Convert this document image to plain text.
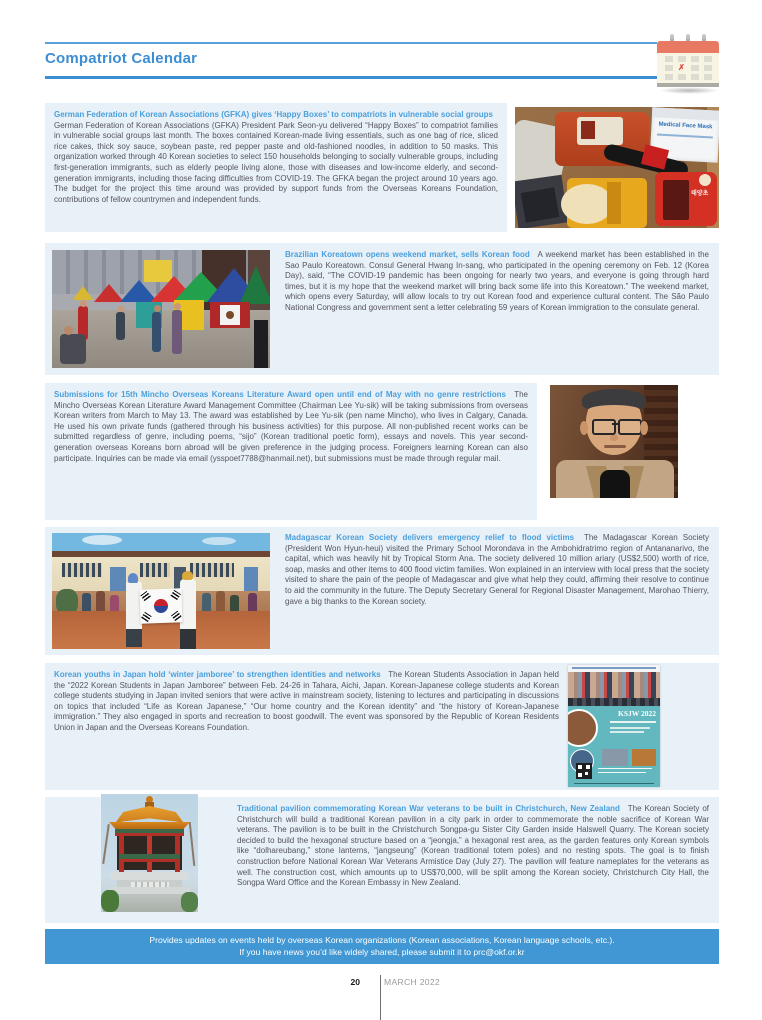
Compatriot Calendar
✗

German Federation of Korean Associations (GFKA) gives ‘Happy Boxes’ to compatriots in vulnerable social groups German Federation of Korean Associations (GFKA) President Park Seon-yu delivered “Happy Boxes” to compatriot families in vulnerable social groups last month. The boxes contained Korean-made living essentials, such as one bag of rice, sliced rice cakes, thick soy sauce, soybean paste, red pepper paste and old-fashioned noodles, in addition to 50 masks. This organization worked through 40 Korean societies to select 150 households belonging to socially vulnerable groups, including first-generation immigrants, such as elderly people living alone, those with diseases and low-income elderly, and second-generation immigrants, including those facing difficulties from COVID-19. The GFKA began the project around 10 years ago. The budget for the project this time around was provided by support funds from the Overseas Koreans Foundation, contributions of fellow countrymen and independent funds.

Medical Face Mask
태양초

Brazilian Koreatown opens weekend market, sells Korean food A weekend market has been established in the Sao Paulo Koreatown. Consul General Hwang In-sang, who participated in the opening ceremony on Feb. 12 (Korea Day), said, “The COVID-19 pandemic has been ongoing for nearly two years, and everyone is going through hard times, but it is my hope that the weekend market will bring back some life into this Koreatown.” The weekend market, which opens every Saturday, will allow locals to try out Korean food and experience cultural content. The São Paulo National Congress and government sent a letter celebrating 59 years of Korean immigration to the consulate general.

Submissions for 15th Mincho Overseas Koreans Literature Award open until end of May with no genre restrictions The Mincho Overseas Korean Literature Award Management Committee (Chairman Lee Yu-sik) will be taking submissions from overseas Korean writers from March to May 13. The award was established by Lee Yu-sik (pen name Mincho), who lives in Calgary, Canada. He used his own private funds (gathered through his business activities) for this purpose. All non-published recent works can be submitted regardless of genre, including poems, “sijo” (Korean traditional poetic form), essays and novels. This year second-generation overseas Koreans born abroad will be given preference in the judging process. Foreigners learning Korean can also participate. Inquiries can be made via email (ysspoet7788@hanmail.net), but submissions must be made through regular mail.

Madagascar Korean Society delivers emergency relief to flood victims The Madagascar Korean Society (President Won Hyun-heui) visited the Primary School Morondava in the Ambohidratrimo region of Antananarivo, the capital, which was heavily hit by Tropical Storm Ana. The society delivered 10 million ariary (US$2,500) worth of rice, soap, masks and other items to 400 flood victim families. Won explained in an interview with local press that the society visited to share the pain of the people of Madagascar and give what help they could, affirming their resolve to continue to aid the community in the future. The Deputy Secretary General for Regional Disaster Management, Marohao Thierry, gave a big thanks to the Korean society.

Korean youths in Japan hold ‘winter jamboree’ to strengthen identities and networks The Korean Students Association in Japan held the “2022 Korean Students in Japan Jamboree” between Feb. 24-26 in Tahara, Aichi, Japan. Korean-Japanese college students and Korean college students studying in Japan invited seniors that were active in mainstream society, listening to lectures and participating in discussions on topics that included “Life as Korean Japanese,” “Our home country and the Korean identity” and “the history of Korean-Japanese immigration.” They also engaged in sports and recreation to boost goodwill. The event was sponsored by the Republic of Korean Residents Union in Japan and the Overseas Koreans Foundation.

KSJW 2022

Traditional pavilion commemorating Korean War veterans to be built in Christchurch, New Zealand The Korean Society of Christchurch will build a traditional Korean pavilion in a city park in order to commemorate the noble sacrifice of Korean War veterans. The pavilion is to be built in the Christchurch Songpa-gu Sister City Garden inside Halswell Quarry. The Korean society decided to build the hexagonal structure based on a “jeongja,” a hexagonal rest area, as the garden features only Korean symbols like “dolhareubang,” stone lanterns, “jangseung” (Korean traditional totem poles) and no resting spots. The goal is to finish construction before National Korean War Veterans Armistice Day (July 27). The pavilion will feature nameplates for the veterans as well. The construction cost, which amounts up to US$70,000, will be split among the Korean society, Christchurch City Hall, the Songpa Ward Office and the Korean Embassy in New Zealand.

Provides updates on events held by overseas Korean organizations (Korean associations, Korean language schools, etc.).
If you have news you’d like widely shared, please submit it to prc@okf.or.kr
20	MARCH 2022
